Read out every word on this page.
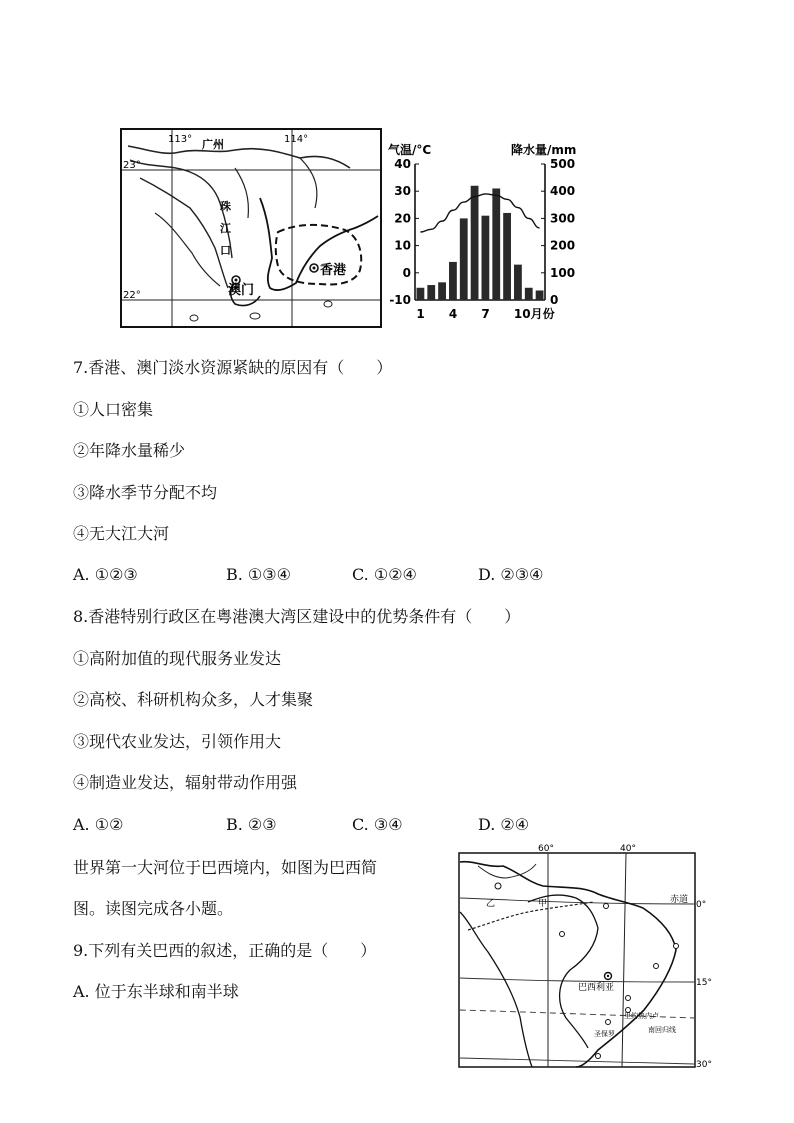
113°	114°
23°
22°
广州
珠
江
口
香港
澳门
气温/°C	降水量/mm
40
30
20
10
0
-10
500
400
300
200
100
0
1 4 7 10月份
7.香港、澳门淡水资源紧缺的原因有（　　）
①人口密集
②年降水量稀少
③降水季节分配不均
④无大江大河
A. ①②③	B. ①③④	C. ①②④	D. ②③④
8.香港特别行政区在粤港澳大湾区建设中的优势条件有（　　）
①高附加值的现代服务业发达
②高校、科研机构众多，人才集聚
③现代农业发达，引领作用大
④制造业发达，辐射带动作用强
A. ①②	B. ②③	C. ③④	D. ②④
世界第一大河位于巴西境内，如图为巴西简
图。读图完成各小题。
9.下列有关巴西的叙述，正确的是（　　）
A. 位于东半球和南半球
60°	40°
0°
15°
30°
赤道
南回归线
甲
乙
巴西利亚
里约热内卢
圣保罗
